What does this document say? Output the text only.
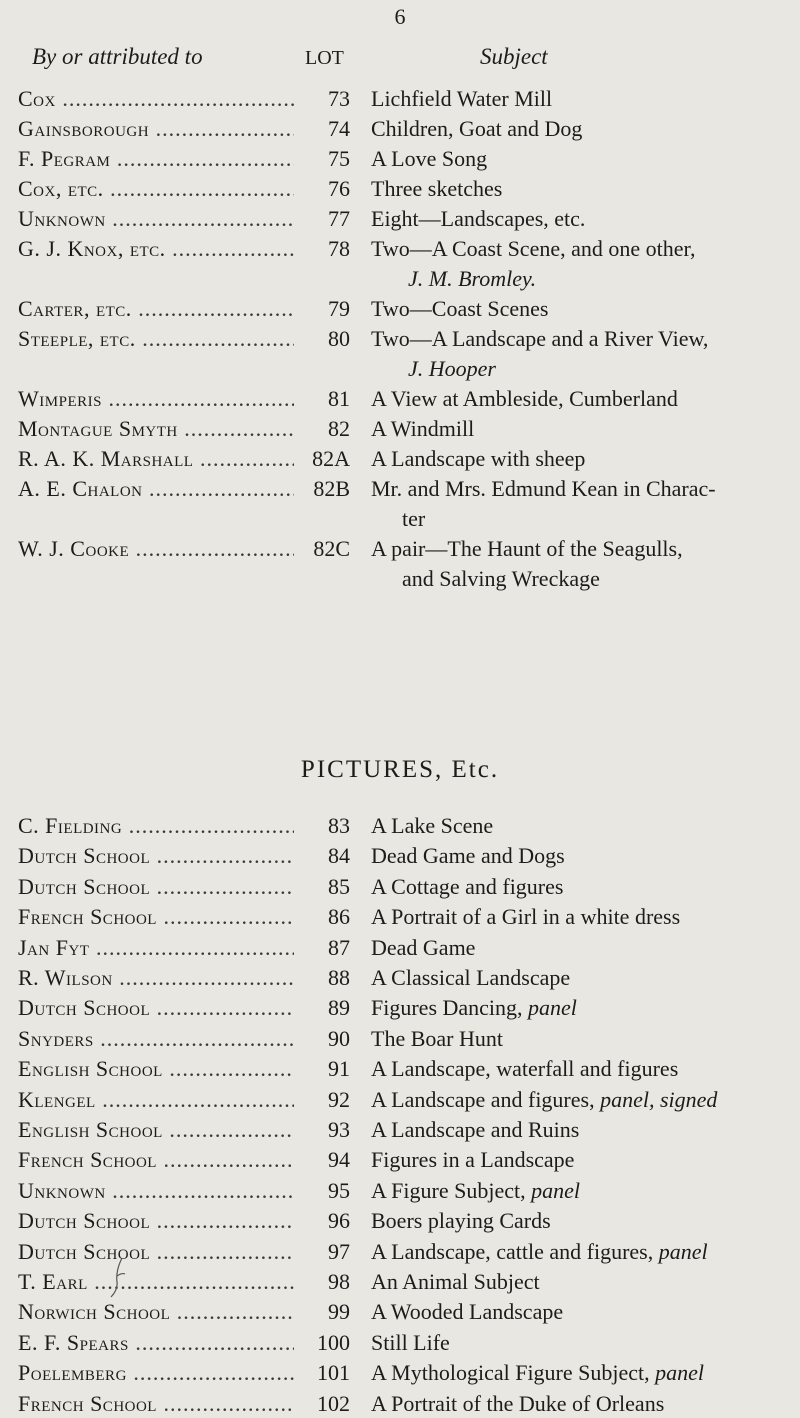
6
By or attributed to	LOT	Subject
Cox .....	73 Lichfield Water Mill
Gainsborough .....	74 Children, Goat and Dog
F. Pegram .....	75 A Love Song
Cox, etc. .....	76 Three sketches
Unknown .....	77 Eight—Landscapes, etc.
G. J. Knox, etc. .....	78 Two—A Coast Scene, and one other,
J. M. Bromley.
Carter, etc. .....	79 Two—Coast Scenes
Steeple, etc. .....	80 Two—A Landscape and a River View,
J. Hooper
Wimperis .....	81 A View at Ambleside, Cumberland
Montague Smyth .....	82 A Windmill
R. A. K. Marshall .....	82A A Landscape with sheep
A. E. Chalon .....	82B Mr. and Mrs. Edmund Kean in Charac-
ter
W. J. Cooke .....	82C A pair—The Haunt of the Seagulls,
and Salving Wreckage
PICTURES, Etc.
C. Fielding .....	83 A Lake Scene
Dutch School .....	84 Dead Game and Dogs
Dutch School .....	85 A Cottage and figures
French School .....	86 A Portrait of a Girl in a white dress
Jan Fyt .....	87 Dead Game
R. Wilson .....	88 A Classical Landscape
Dutch School .....	89 Figures Dancing, panel
Snyders .....	90 The Boar Hunt
English School .....	91 A Landscape, waterfall and figures
Klengel .....	92 A Landscape and figures, panel, signed
English School .....	93 A Landscape and Ruins
French School .....	94 Figures in a Landscape
Unknown .....	95 A Figure Subject, panel
Dutch School .....	96 Boers playing Cards
Dutch School .....	97 A Landscape, cattle and figures, panel
T. Earl .....	98 An Animal Subject
Norwich School .....	99 A Wooded Landscape
E. F. Spears .....	100 Still Life
Poelemberg .....	101 A Mythological Figure Subject, panel
French School .....	102 A Portrait of the Duke of Orleans
